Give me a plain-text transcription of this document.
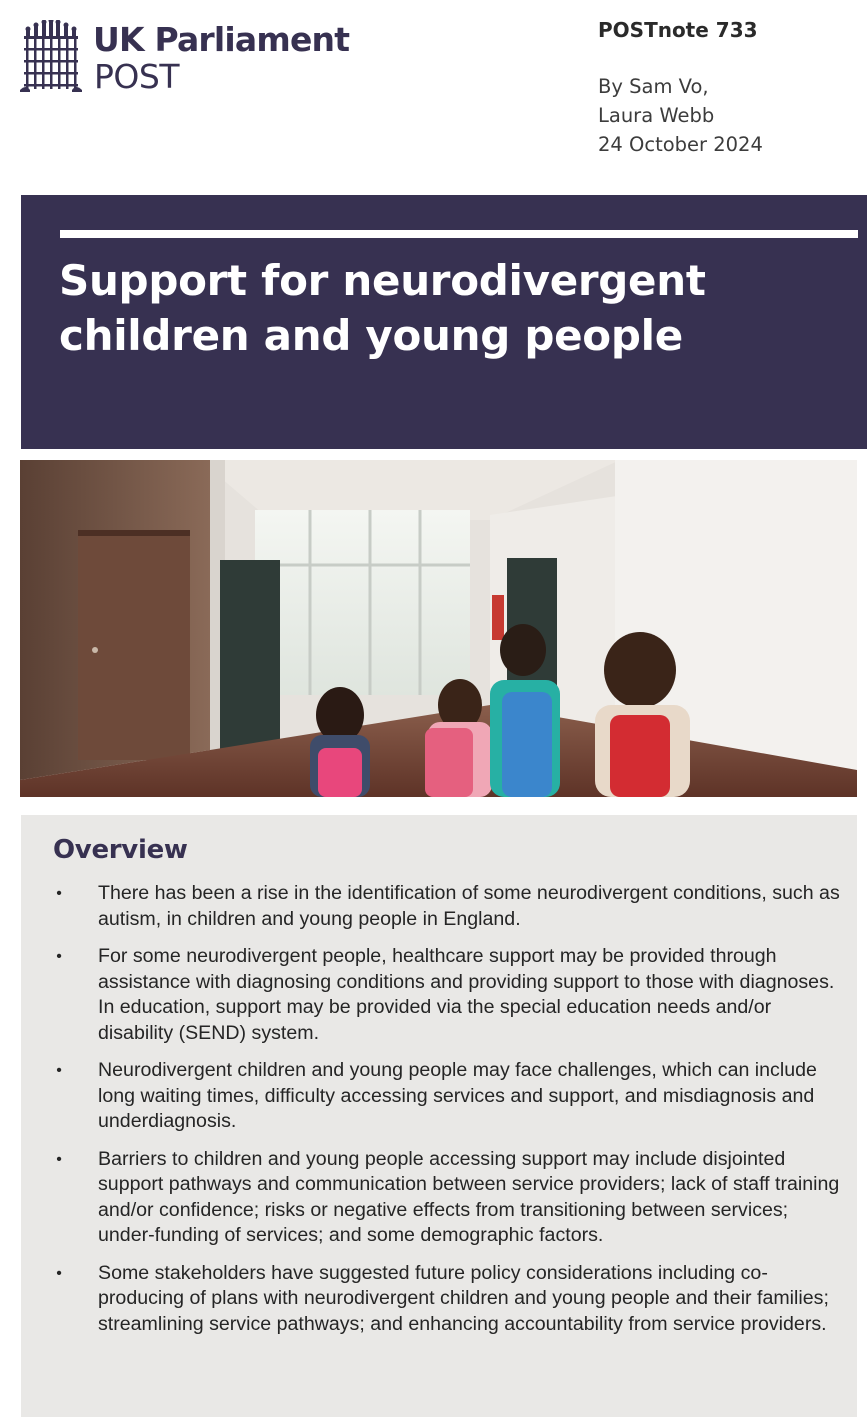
UK Parliament
POST
POSTnote 733
By Sam Vo,
Laura Webb
24 October 2024
Support for neurodivergent
children and young people
Overview
• There has been a rise in the identification of some neurodivergent conditions, such as autism, in children and young people in England.
• For some neurodivergent people, healthcare support may be provided through assistance with diagnosing conditions and providing support to those with diagnoses. In education, support may be provided via the special education needs and/or disability (SEND) system.
• Neurodivergent children and young people may face challenges, which can include long waiting times, difficulty accessing services and support, and misdiagnosis and underdiagnosis.
• Barriers to children and young people accessing support may include disjointed support pathways and communication between service providers; lack of staff training and/or confidence; risks or negative effects from transitioning between services; under-funding of services; and some demographic factors.
• Some stakeholders have suggested future policy considerations including co-producing of plans with neurodivergent children and young people and their families; streamlining service pathways; and enhancing accountability from service providers.
